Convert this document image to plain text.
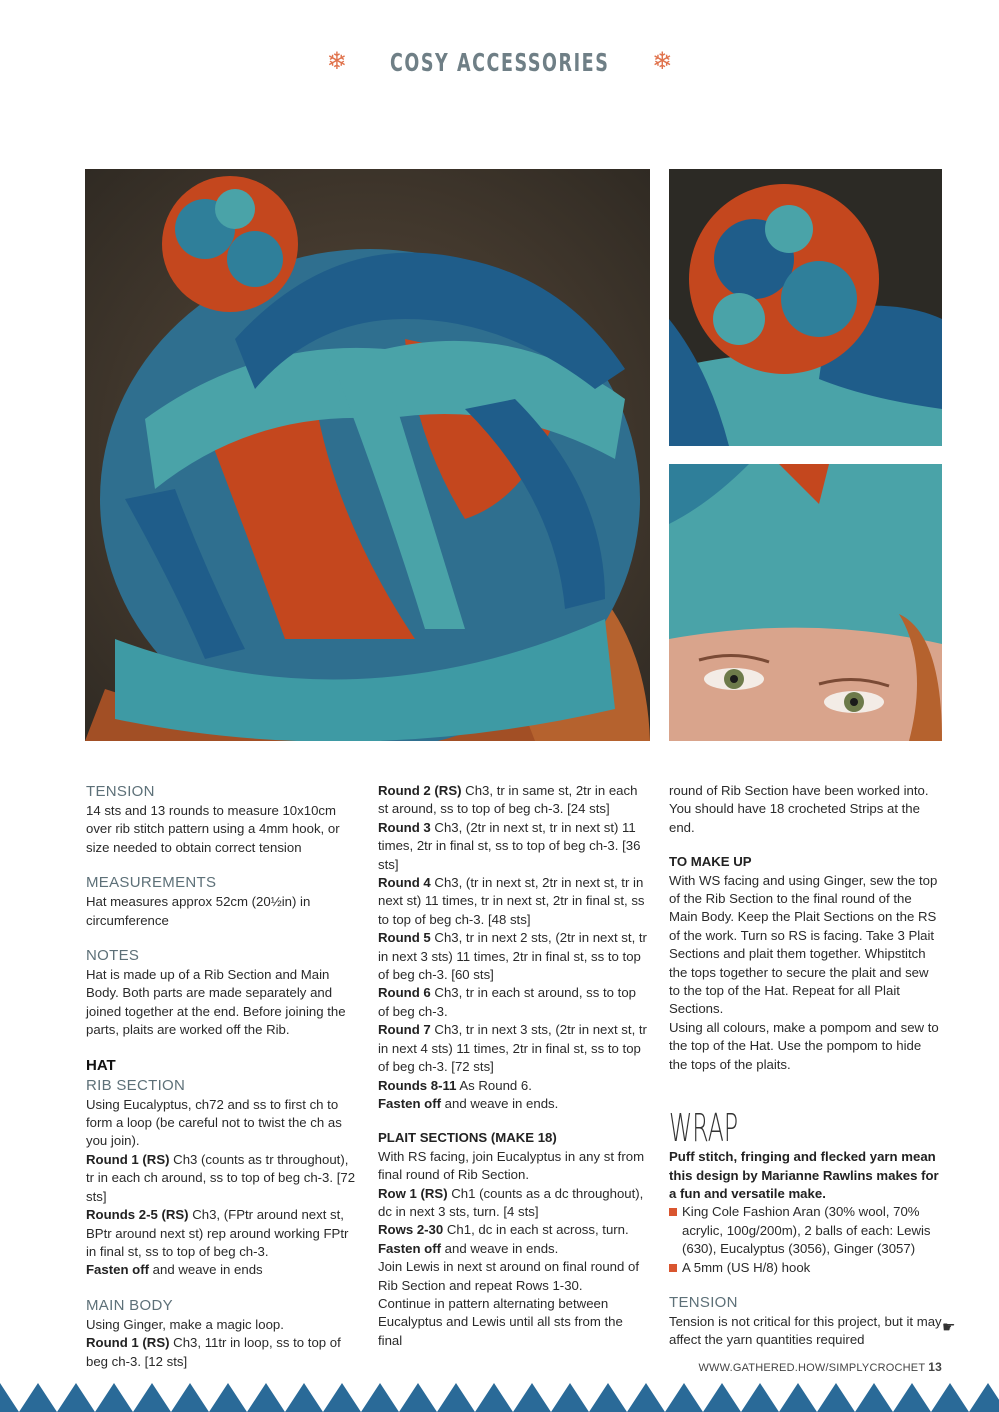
❄ COSY ACCESSORIES ❄

TENSION

14 sts and 13 rounds to measure 10x10cm over rib stitch pattern using a 4mm hook, or size needed to obtain correct tension

MEASUREMENTS

Hat measures approx 52cm (20½in) in circumference

NOTES

Hat is made up of a Rib Section and Main Body. Both parts are made separately and joined together at the end. Before joining the parts, plaits are worked off the Rib.

HAT

RIB SECTION

Using Eucalyptus, ch72 and ss to first ch to form a loop (be careful not to twist the ch as you join).

Round 1 (RS) Ch3 (counts as tr throughout), tr in each ch around, ss to top of beg ch-3. [72 sts]

Rounds 2-5 (RS) Ch3, (FPtr around next st, BPtr around next st) rep around working FPtr in final st, ss to top of beg ch-3.

Fasten off and weave in ends

MAIN BODY

Using Ginger, make a magic loop.

Round 1 (RS) Ch3, 11tr in loop, ss to top of beg ch-3. [12 sts]

Round 2 (RS) Ch3, tr in same st, 2tr in each st around, ss to top of beg ch-3. [24 sts]

Round 3 Ch3, (2tr in next st, tr in next st) 11 times, 2tr in final st, ss to top of beg ch-3. [36 sts]

Round 4 Ch3, (tr in next st, 2tr in next st, tr in next st) 11 times, tr in next st, 2tr in final st, ss to top of beg ch-3. [48 sts]

Round 5 Ch3, tr in next 2 sts, (2tr in next st, tr in next 3 sts) 11 times, 2tr in final st, ss to top of beg ch-3. [60 sts]

Round 6 Ch3, tr in each st around, ss to top of beg ch-3.

Round 7 Ch3, tr in next 3 sts, (2tr in next st, tr in next 4 sts) 11 times, 2tr in final st, ss to top of beg ch-3. [72 sts]

Rounds 8-11 As Round 6.

Fasten off and weave in ends.

PLAIT SECTIONS (MAKE 18)

With RS facing, join Eucalyptus in any st from final round of Rib Section.

Row 1 (RS) Ch1 (counts as a dc throughout), dc in next 3 sts, turn. [4 sts]

Rows 2-30 Ch1, dc in each st across, turn.

Fasten off and weave in ends.

Join Lewis in next st around on final round of Rib Section and repeat Rows 1-30.

Continue in pattern alternating between Eucalyptus and Lewis until all sts from the final

round of Rib Section have been worked into. You should have 18 crocheted Strips at the end.

TO MAKE UP

With WS facing and using Ginger, sew the top of the Rib Section to the final round of the Main Body. Keep the Plait Sections on the RS of the work. Turn so RS is facing. Take 3 Plait Sections and plait them together. Whipstitch the tops together to secure the plait and sew to the top of the Hat. Repeat for all Plait Sections.

Using all colours, make a pompom and sew to the top of the Hat. Use the pompom to hide the tops of the plaits.

WRAP

Puff stitch, fringing and flecked yarn mean this design by Marianne Rawlins makes for a fun and versatile make.

King Cole Fashion Aran (30% wool, 70% acrylic, 100g/200m), 2 balls of each: Lewis (630), Eucalyptus (3056), Ginger (3057)
A 5mm (US H/8) hook

TENSION

Tension is not critical for this project, but it may affect the yarn quantities required

☛
WWW.GATHERED.HOW/SIMPLYCROCHET 13
